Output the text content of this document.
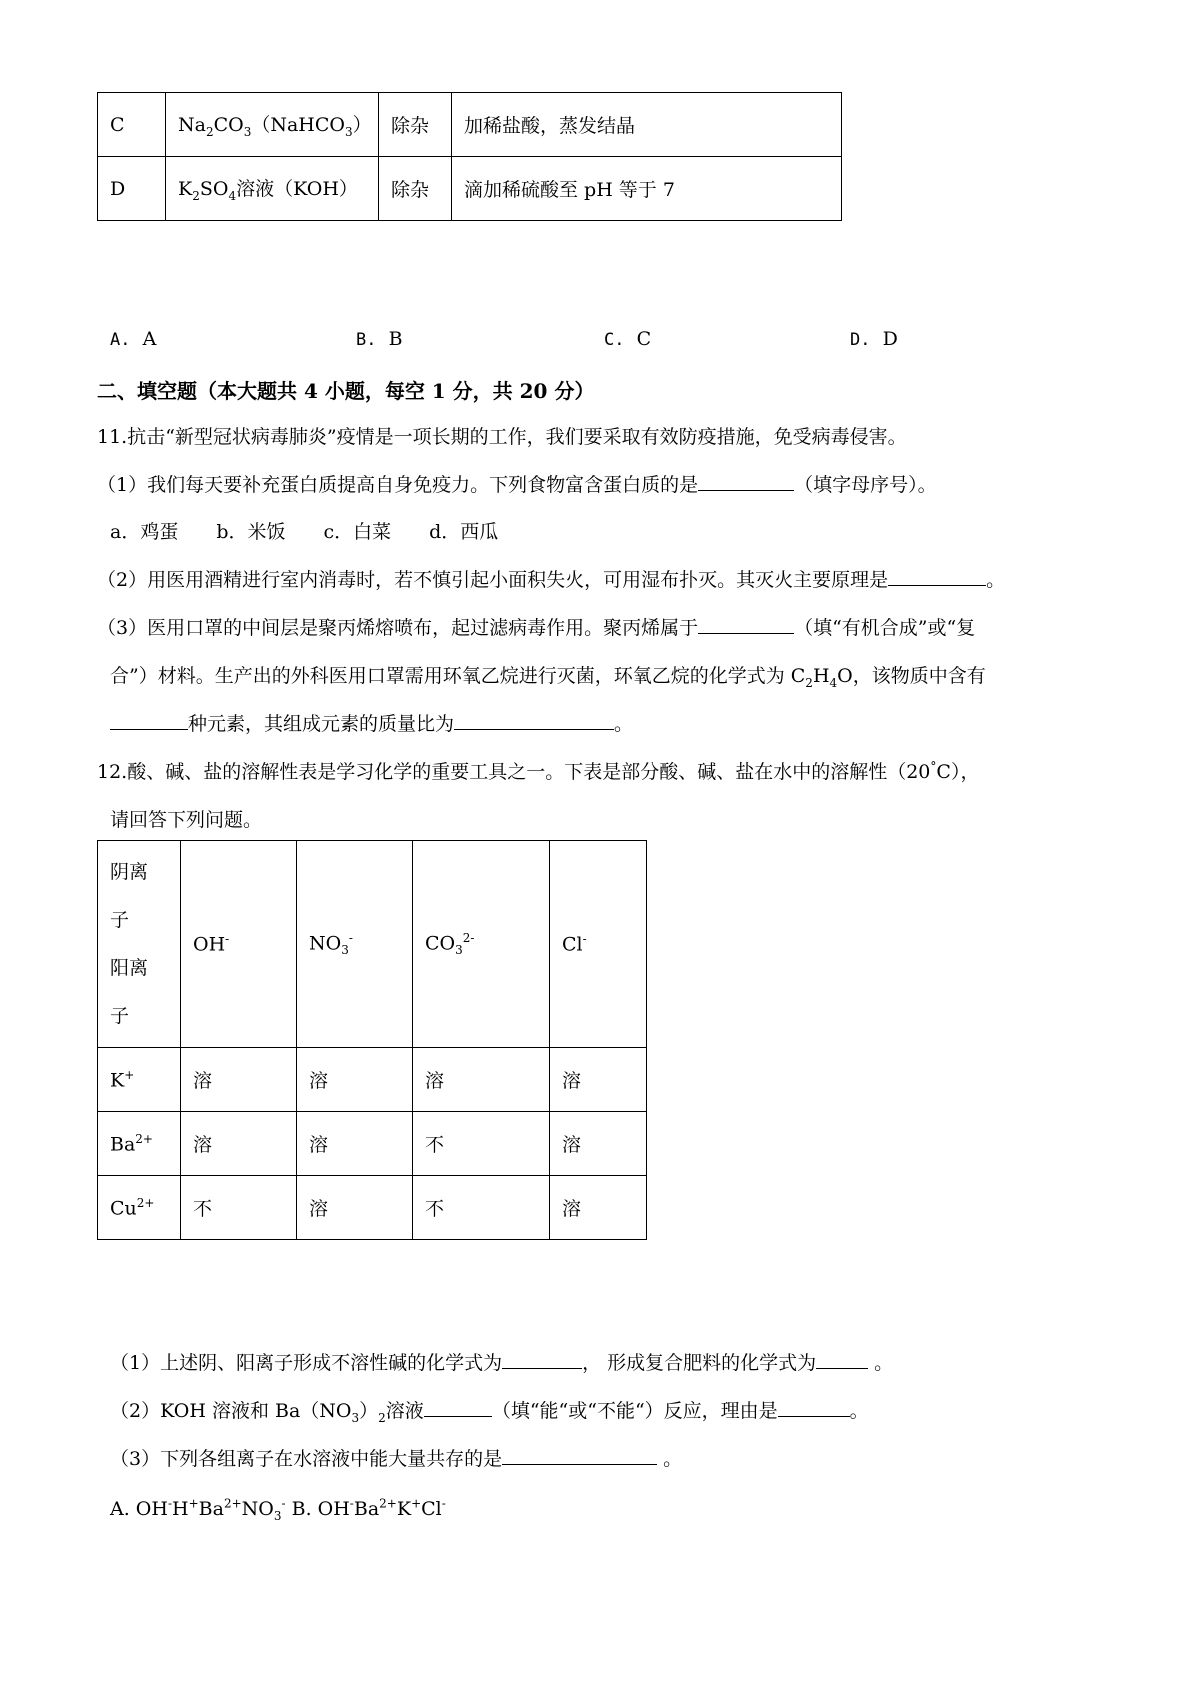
C	$Na_2CO_3(NaHCO_3)$	除杂	加稀盐酸，蒸发结晶
D	$K_2SO_4$溶液（KOH）	除杂	滴加稀硫酸至 pH 等于 7
A. A	B. B	C. C	D. D
二、填空题（本大题共 4 小题，每空 1 分，共 20 分）
11.抗击“新型冠状病毒肺炎”疫情是一项长期的工作，我们要采取有效防疫措施，免受病毒侵害。
（1）我们每天要补充蛋白质提高自身免疫力。下列食物富含蛋白质的是	（填字母序号）。
a．鸡蛋　　b．米饭　　c．白菜　　d．西瓜
（2）用医用酒精进行室内消毒时，若不慎引起小面积失火，可用湿布扑灭。其灭火主要原理是	。
（3）医用口罩的中间层是聚丙烯熔喷布，起过滤病毒作用。聚丙烯属于	（填“有机合成”或“复
合”）材料。生产出的外科医用口罩需用环氧乙烷进行灭菌，环氧乙烷的化学式为 $C_2H_4O$，该物质中含有
种元素，其组成元素的质量比为	。
12.酸、碱、盐的溶解性表是学习化学的重要工具之一。下表是部分酸、碱、盐在水中的溶解性（20°C），
请回答下列问题。
阴离
子
阳离
子	OH-	$NO_3^-$	$CO_3^{2-}$	Cl-
K+	溶	溶	溶	溶
$Ba^{2+}$	溶	溶	不	溶
$Cu^{2+}$	不	溶	不	溶
（1）上述阴、阳离子形成不溶性碱的化学式为	， 形成复合肥料的化学式为	。
（2）KOH 溶液和 $Ba(NO_3)_2$溶液	（填“能“或“不能“）反应，理由是	。
（3）下列各组离子在水溶液中能大量共存的是	。
A. $OH^-H^+Ba^{2+}NO_3^-$ B. $OH^-Ba^{2+}K^+Cl^-$
